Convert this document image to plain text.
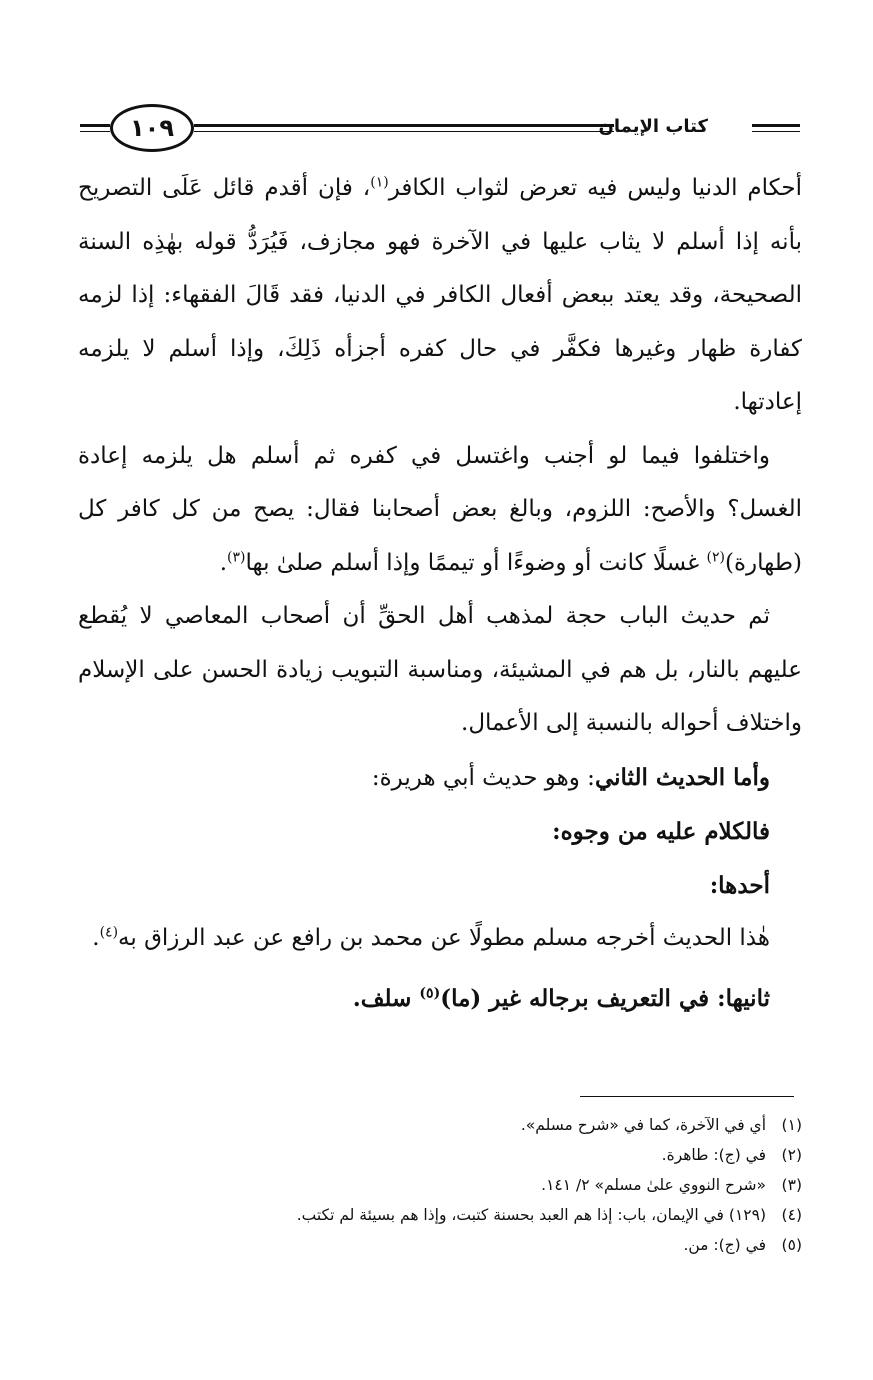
١٠٩	كتاب الإيمان

أحكام الدنيا وليس فيه تعرض لثواب الكافر$^{(١)}$، فإن أقدم قائل عَلَى التصريح بأنه إذا أسلم لا يثاب عليها في الآخرة فهو مجازف، فَيُرَدُّ قوله بهٰذِه السنة الصحيحة، وقد يعتد ببعض أفعال الكافر في الدنيا، فقد قَالَ الفقهاء: إذا لزمه كفارة ظهار وغيرها فكفَّر في حال كفره أجزأه ذَلِكَ، وإذا أسلم لا يلزمه إعادتها.

واختلفوا فيما لو أجنب واغتسل في كفره ثم أسلم هل يلزمه إعادة الغسل؟ والأصح: اللزوم، وبالغ بعض أصحابنا فقال: يصح من كل كافر كل (طهارة)$^{(٢)}$ غسلًا كانت أو وضوءًا أو تيممًا وإذا أسلم صلىٰ بها$^{(٣)}$.

ثم حديث الباب حجة لمذهب أهل الحقِّ أن أصحاب المعاصي لا يُقطع عليهم بالنار، بل هم في المشيئة، ومناسبة التبويب زيادة الحسن على الإسلام واختلاف أحواله بالنسبة إلى الأعمال.

وأما الحديث الثاني: وهو حديث أبي هريرة:

فالكلام عليه من وجوه:

أحدها:

هٰذا الحديث أخرجه مسلم مطولًا عن محمد بن رافع عن عبد الرزاق به$^{(٤)}$.

ثانيها: في التعريف برجاله غير (ما)$^{(٥)}$ سلف.

(١)
أي في الآخرة، كما في «شرح مسلم».
(٢)
في (ج): طاهرة.
(٣)
«شرح النووي علىٰ مسلم» ٢/ ١٤١.
(٤)
(١٢٩) في الإيمان، باب: إذا هم العبد بحسنة كتبت، وإذا هم بسيئة لم تكتب.
(٥)
في (ج): من.
